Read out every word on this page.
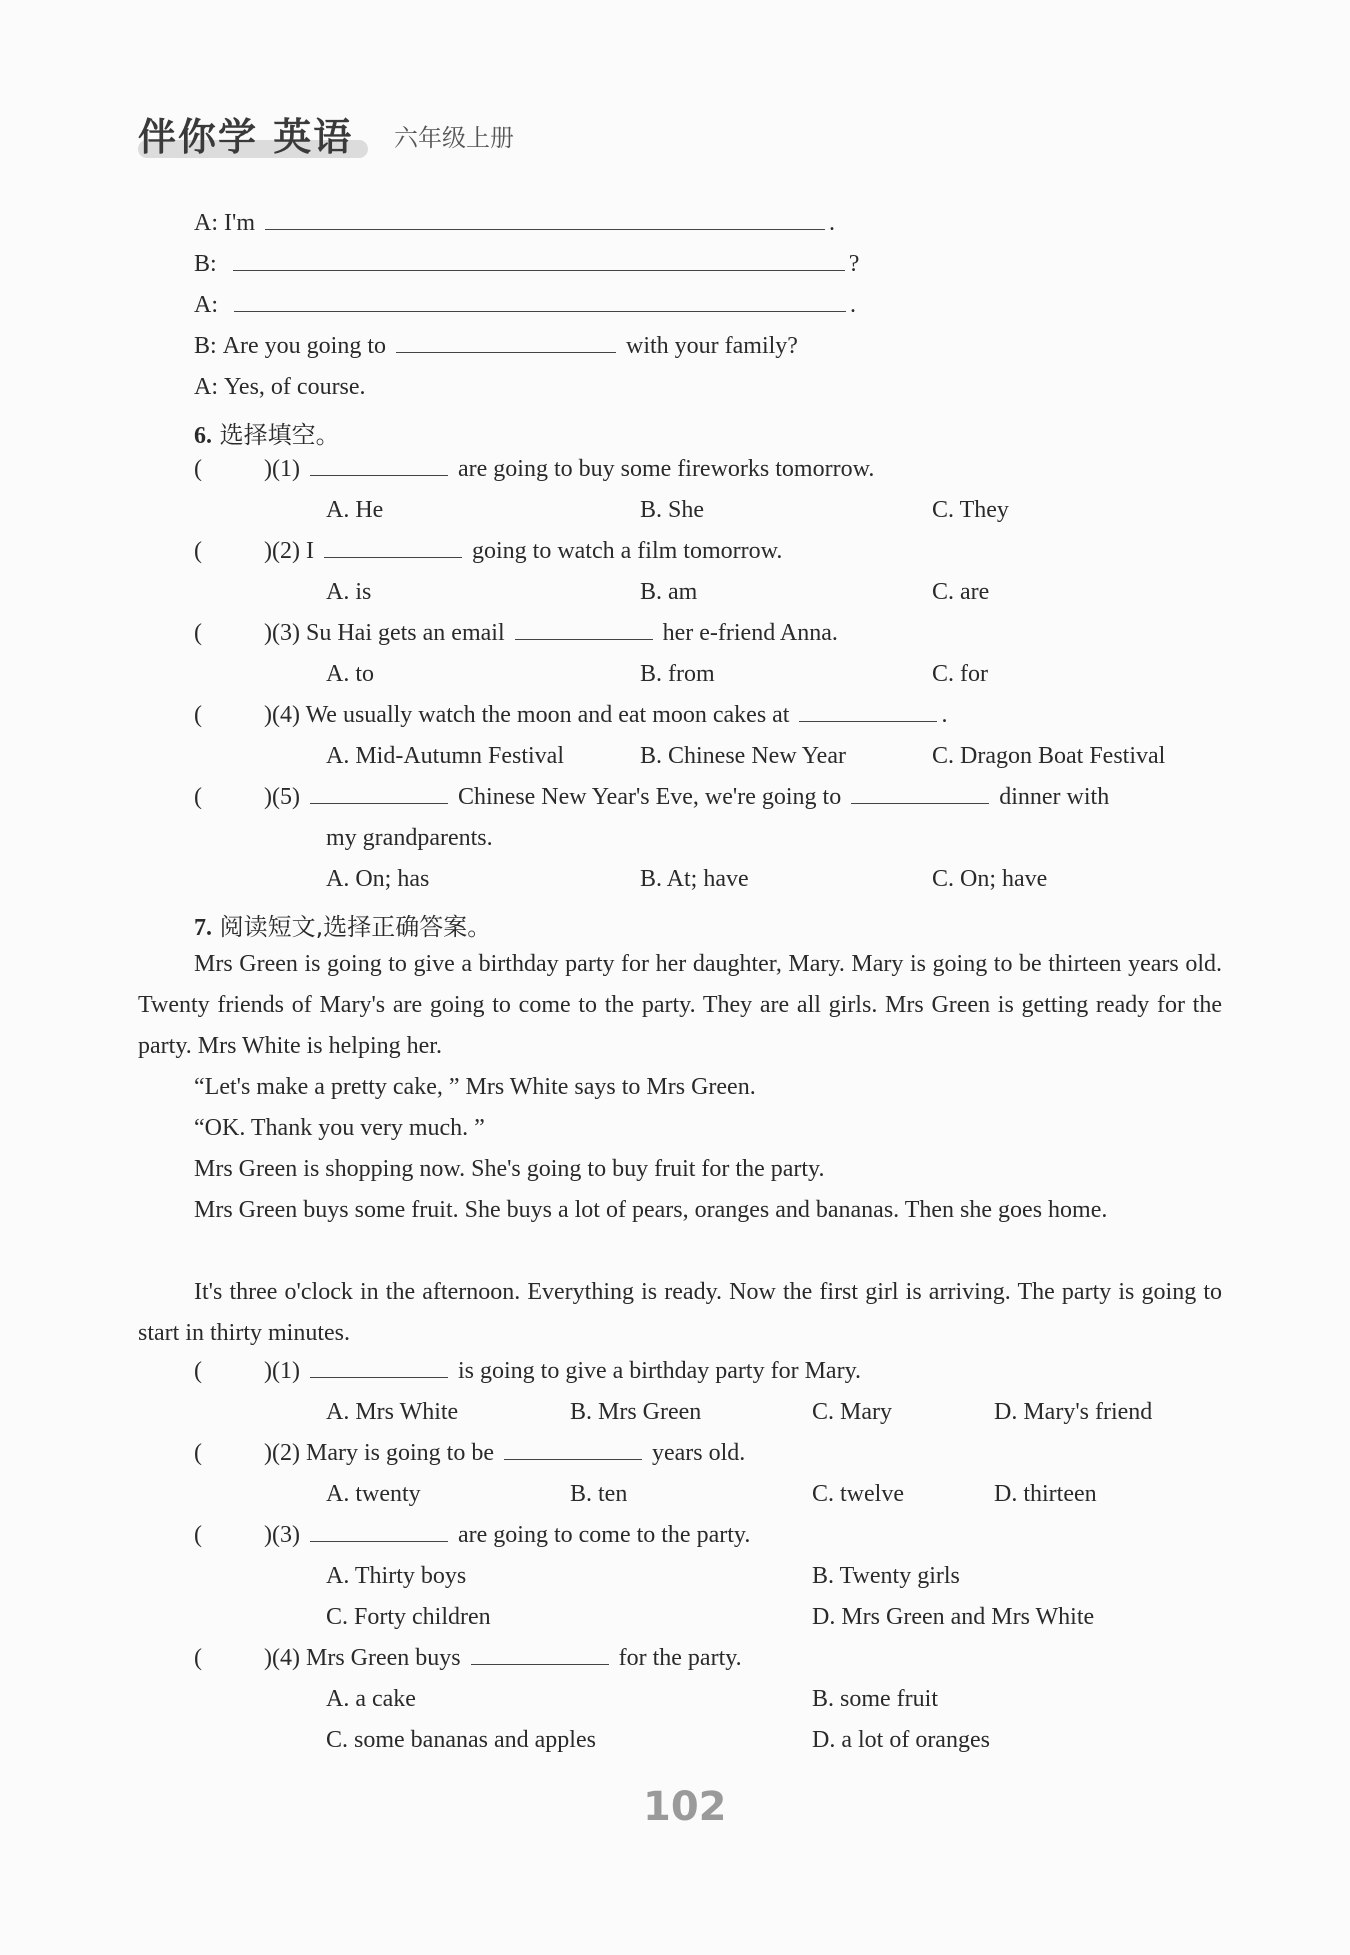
伴你学 英语 六年级上册
A: I'm	.
B:	?
A:	.
B: Are you going to	with your family?
A: Yes, of course.
6. 选择填空。
(	)(1)	are going to buy some fireworks tomorrow.
A. He	B. She	C. They
(	)(2) I	going to watch a film tomorrow.
A. is	B. am	C. are
(	)(3) Su Hai gets an email	her e-friend Anna.
A. to	B. from	C. for
(	)(4) We usually watch the moon and eat moon cakes at	.
A. Mid-Autumn Festival	B. Chinese New Year	C. Dragon Boat Festival
(	)(5)	Chinese New Year's Eve, we're going to	dinner with
my grandparents.
A. On; has	B. At; have	C. On; have
7. 阅读短文,选择正确答案。
Mrs Green is going to give a birthday party for her daughter, Mary. Mary is going to be thirteen years old. Twenty friends of Mary's are going to come to the party. They are all girls. Mrs Green is getting ready for the party. Mrs White is helping her.
“Let's make a pretty cake, ” Mrs White says to Mrs Green.
“OK. Thank you very much. ”
Mrs Green is shopping now. She's going to buy fruit for the party.
Mrs Green buys some fruit. She buys a lot of pears, oranges and bananas. Then she goes home.
It's three o'clock in the afternoon. Everything is ready. Now the first girl is arriving. The party is going to start in thirty minutes.
(	)(1)	is going to give a birthday party for Mary.
A. Mrs White	B. Mrs Green	C. Mary	D. Mary's friend
(	)(2) Mary is going to be	years old.
A. twenty	B. ten	C. twelve	D. thirteen
(	)(3)	are going to come to the party.
A. Thirty boys	B. Twenty girls
C. Forty children	D. Mrs Green and Mrs White
(	)(4) Mrs Green buys	for the party.
A. a cake	B. some fruit
C. some bananas and apples	D. a lot of oranges
102
